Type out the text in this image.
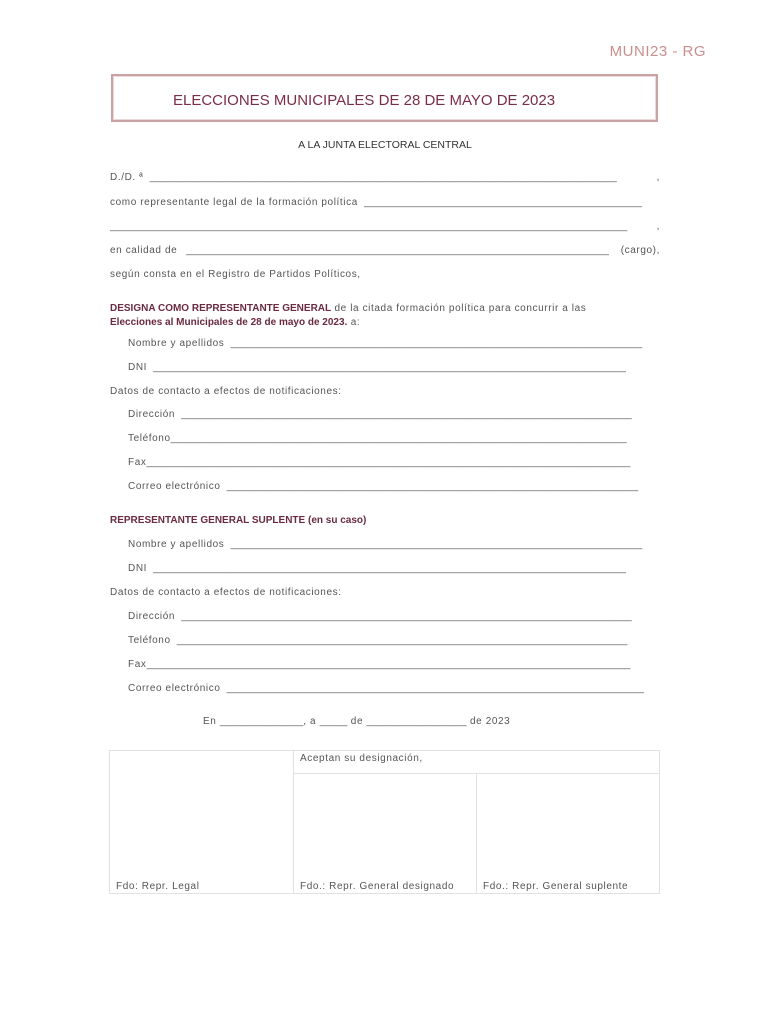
MUNI23 - RG
ELECCIONES MUNICIPALES DE 28 DE MAYO DE 2023
A LA JUNTA ELECTORAL CENTRAL
D./D. ª  ____________________________________________________________________________________	,
como representante legal de la formación política  __________________________________________________
_____________________________________________________________________________________________	,
en calidad de   ____________________________________________________________________________ (cargo),
según consta en el Registro de Partidos Políticos,
DESIGNA COMO REPRESENTANTE GENERAL de la citada formación política para concurrir a las
Elecciones al Municipales de 28 de mayo de 2023. a:
Nombre y apellidos  __________________________________________________________________________
DNI  _____________________________________________________________________________________
Datos de contacto a efectos de notificaciones:
Dirección  _________________________________________________________________________________
Teléfono__________________________________________________________________________________
Fax_______________________________________________________________________________________
Correo electrónico  __________________________________________________________________________
REPRESENTANTE GENERAL SUPLENTE (en su caso)
Nombre y apellidos  __________________________________________________________________________
DNI  _____________________________________________________________________________________
Datos de contacto a efectos de notificaciones:
Dirección  _________________________________________________________________________________
Teléfono  _________________________________________________________________________________
Fax_______________________________________________________________________________________
Correo electrónico  ___________________________________________________________________________
En _______________, a _____ de __________________ de 2023
Fdo: Repr. Legal
Aceptan su designación,
Fdo.: Repr. General designado	Fdo.: Repr. General suplente
